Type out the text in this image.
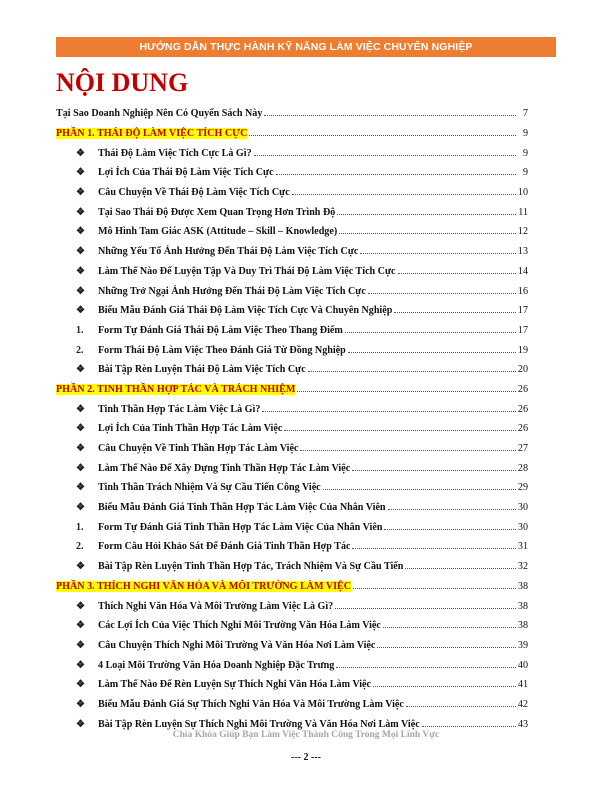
HƯỚNG DẪN THỰC HÀNH KỸ NĂNG LÀM VIỆC CHUYÊN NGHIỆP
NỘI DUNG
Tại Sao Doanh Nghiệp Nên Có Quyển Sách Này	7
PHẦN 1. THÁI ĐỘ LÀM VIỆC TÍCH CỰC	9
❖	Thái Độ Làm Việc Tích Cực Là Gì?	9
❖	Lợi Ích Của Thái Độ Làm Việc Tích Cực	9
❖	Câu Chuyện Về Thái Độ Làm Việc Tích Cực	10
❖	Tại Sao Thái Độ Được Xem Quan Trọng Hơn Trình Độ	11
❖	Mô Hình Tam Giác ASK (Attitude – Skill – Knowledge)	12
❖	Những Yếu Tố Ảnh Hưởng Đến Thái Độ Làm Việc Tích Cực	13
❖	Làm Thế Nào Để Luyện Tập Và Duy Trì Thái Độ Làm Việc Tích Cực	14
❖	Những Trở Ngại Ảnh Hưởng Đến Thái Độ Làm Việc Tích Cực	16
❖	Biểu Mẫu Đánh Giá Thái Độ Làm Việc Tích Cực Và Chuyên Nghiệp	17
1.	Form Tự Đánh Giá Thái Độ Làm Việc Theo Thang Điểm	17
2.	Form Thái Độ Làm Việc Theo Đánh Giá Từ Đồng Nghiệp	19
❖	Bài Tập Rèn Luyện Thái Độ Làm Việc Tích Cực	20
PHẦN 2. TINH THẦN HỢP TÁC VÀ TRÁCH NHIỆM	26
❖	Tinh Thần Hợp Tác Làm Việc Là Gì?	26
❖	Lợi Ích Của Tinh Thần Hợp Tác Làm Việc	26
❖	Câu Chuyện Về Tinh Thần Hợp Tác Làm Việc	27
❖	Làm Thế Nào Để Xây Dựng Tinh Thần Hợp Tác Làm Việc	28
❖	Tinh Thần Trách Nhiệm Và Sự Cầu Tiến Công Việc	29
❖	Biểu Mẫu Đánh Giá Tinh Thần Hợp Tác Làm Việc Của Nhân Viên	30
1.	Form Tự Đánh Giá Tinh Thần Hợp Tác Làm Việc Của Nhân Viên	30
2.	Form Câu Hỏi Khảo Sát Để Đánh Giá Tinh Thần Hợp Tác	31
❖	Bài Tập Rèn Luyện Tinh Thần Hợp Tác, Trách Nhiệm Và Sự Cầu Tiến	32
PHẦN 3. THÍCH NGHI VĂN HÓA VÀ MÔI TRƯỜNG LÀM VIỆC	38
❖	Thích Nghi Văn Hóa Và Môi Trường Làm Việc Là Gì?	38
❖	Các Lợi Ích Của Việc Thích Nghi Môi Trường Văn Hóa Làm Việc	38
❖	Câu Chuyện Thích Nghi Môi Trường Và Văn Hóa Nơi Làm Việc	39
❖	4 Loại Môi Trường Văn Hóa Doanh Nghiệp Đặc Trưng	40
❖	Làm Thế Nào Để Rèn Luyện Sự Thích Nghi Văn Hóa Làm Việc	41
❖	Biểu Mẫu Đánh Giá Sự Thích Nghi Văn Hóa Và Môi Trường Làm Việc	42
❖	Bài Tập Rèn Luyện Sự Thích Nghi Môi Trường Và Văn Hóa Nơi Làm Việc	43
Chìa Khóa Giúp Bạn Làm Việc Thành Công Trong Mọi Lĩnh Vực
--- 2 ---
